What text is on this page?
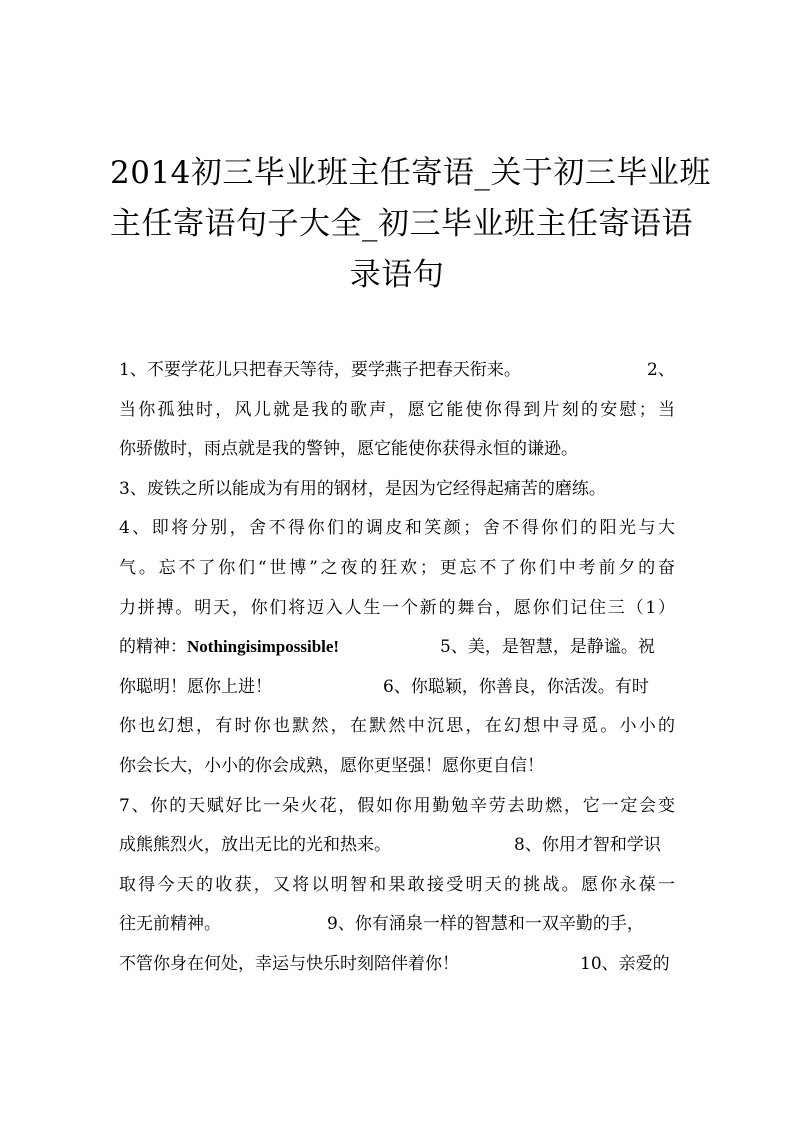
2014初三毕业班主任寄语_关于初三毕业班
主任寄语句子大全_初三毕业班主任寄语语
录语句
1、不要学花儿只把春天等待，要学燕子把春天衔来。	2、
当你孤独时，风儿就是我的歌声，愿它能使你得到片刻的安慰；当
你骄傲时，雨点就是我的警钟，愿它能使你获得永恒的谦逊。
3、废铁之所以能成为有用的钢材，是因为它经得起痛苦的磨练。
4、即将分别，舍不得你们的调皮和笑颜；舍不得你们的阳光与大
气。忘不了你们“世博”之夜的狂欢；更忘不了你们中考前夕的奋
力拼搏。明天，你们将迈入人生一个新的舞台，愿你们记住三（1）
的精神：Nothingisimpossible!	5、美，是智慧，是静谧。祝
你聪明！愿你上进！	6、你聪颖，你善良，你活泼。有时
你也幻想，有时你也默然，在默然中沉思，在幻想中寻觅。小小的
你会长大，小小的你会成熟，愿你更坚强！愿你更自信！
7、你的天赋好比一朵火花，假如你用勤勉辛劳去助燃，它一定会变
成熊熊烈火，放出无比的光和热来。	8、你用才智和学识
取得今天的收获，又将以明智和果敢接受明天的挑战。愿你永葆一
往无前精神。	9、你有涌泉一样的智慧和一双辛勤的手，
不管你身在何处，幸运与快乐时刻陪伴着你！	10、亲爱的
